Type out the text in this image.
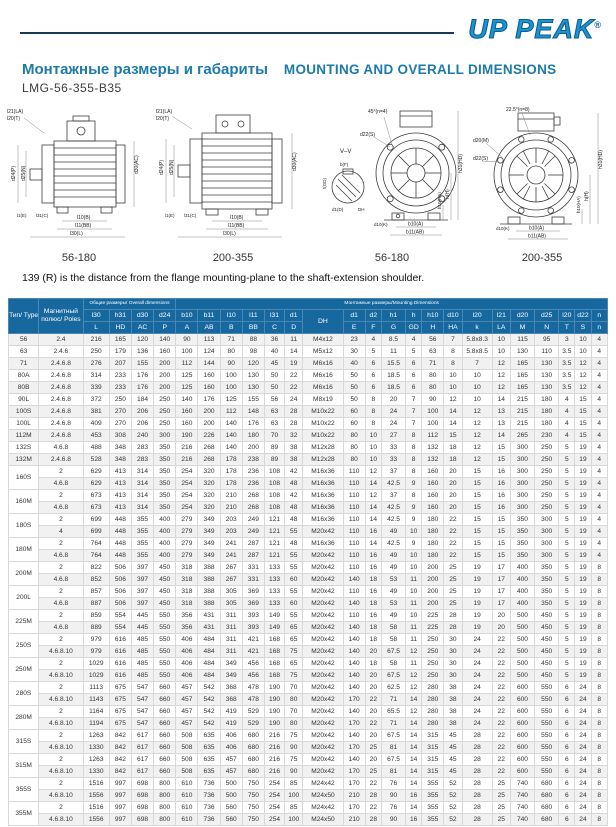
UP PEAK®
Монтажные размеры и габариты MOUNTING AND OVERALL DIMENSIONS
LMG-56-355-B35
l21(LA)
l20(T)
d24(P) d25(N)
l1(E) l31(C)	l10(B)
l11(BB)
l30(L)
d30(AC)
56-180
l21(LA)
l20(T)
d24(P) d25(N)
l1(E) l31(C)	l10(B)
l11(BB)
l30(L)
d30(AC)
200-355
V–V
b(F)
t(GD)
d1(D)	DH
45°(n=4)
d22(S)
h31(HD)
h(H)
h10(HA)
d10(K)	b10(A)
b11(AB)
56-180
22.5°(n=8)
d20(M)
d22(S)	h31(HD)
h(H)
h10(HA)
d10(K)	b10(A)
b11(AB)
200-355
139 (R) is the distance from the flange mounting-plane to the shaft-extension shoulder.
Тип/ Type	Магнитный полюс/ Poles	Общие размеры/ Overall dimensions				Монтажные размеры/Mounting Dimensions																			
		l30	h31	d30	d24	b10	b11	l10	l11	l31	d1	DH	d1	d2	h1	h	h10	d10	l20	l21	d20	d25	l20	d22	n
		L	HD	AC	P	A	AB	B	BB	C	D		E	F	G	GD	H	HA	k	LA	M	N	T	S	n
56	2.4	216	165	120	140	90	113	71	88	36	11	M4x12	23	4	8.5	4	56	7	5.8x8.3	10	115	95	3	10	4
63	2.4.6	250	179	136	160	100	124	80	98	40	14	M5x12	30	5	11	5	63	8	5.8x8.5	10	130	110	3.5	10	4
71	2.4.6.8	276	207	155	200	112	144	90	120	45	19	M6x16	40	6	15.5	6	71	8	7	12	165	130	3.5	12	4
80A	2.4.6.8	314	233	176	200	125	160	100	130	50	22	M6x16	50	6	18.5	6	80	10	10	12	165	130	3.5	12	4
80B	2.4.6.8	339	233	176	200	125	160	100	130	50	22	M6x16	50	6	18.5	6	80	10	10	12	165	130	3.5	12	4
90L	2.4.6.8	372	250	184	250	140	176	125	155	56	24	M8x19	50	8	20	7	90	12	10	14	215	180	4	15	4
100S	2.4.6.8	381	270	206	250	160	200	112	148	63	28	M10x22	60	8	24	7	100	14	12	13	215	180	4	15	4
100L	2.4.6.8	409	270	206	250	160	200	140	176	63	28	M10x22	60	8	24	7	100	14	12	13	215	180	4	15	4
112M	2.4.6.8	453	308	240	300	190	226	140	180	70	32	M10x22	80	10	27	8	112	15	12	14	265	230	4	15	4
132S	4.6.8	488	348	283	350	216	268	140	200	89	38	M12x28	80	10	33	8	132	18	12	15	300	250	5	19	4
132M	2.4.6.8	528	348	283	350	216	268	178	238	89	38	M12x28	80	10	33	8	132	18	12	15	300	250	5	19	4
160S	2	629	413	314	350	254	320	178	236	108	42	M16x36	110	12	37	8	160	20	15	16	300	250	5	19	4
	4.6.8	629	413	314	350	254	320	178	236	108	48	M16x36	110	14	42.5	9	160	20	15	16	300	250	5	19	4
160M	2	673	413	314	350	254	320	210	268	108	42	M16x36	110	12	37	8	160	20	15	16	300	250	5	19	4
	4.6.8	673	413	314	350	254	320	210	268	108	48	M16x36	110	14	42.5	9	160	20	15	16	300	250	5	19	4
180S	2	699	448	355	400	279	349	203	249	121	48	M16x36	110	14	42.5	9	180	22	15	15	350	300	5	19	4
	4	699	448	355	400	279	349	203	249	121	55	M20x42	110	16	49	10	180	22	15	15	350	300	5	19	4
180M	2	764	448	355	400	279	349	241	287	121	48	M16x36	110	14	42.5	9	180	22	15	15	350	300	5	19	4
	4.6.8	764	448	355	400	279	349	241	287	121	55	M20x42	110	16	49	10	180	22	15	15	350	300	5	19	4
200M	2	822	506	397	450	318	388	267	331	133	55	M20x42	110	16	49	10	200	25	19	17	400	350	5	19	8
	4.6.8	852	506	397	450	318	388	267	331	133	60	M20x42	140	18	53	11	200	25	19	17	400	350	5	19	8
200L	2	857	506	397	450	318	388	305	369	133	55	M20x42	110	16	49	10	200	25	19	17	400	350	5	19	8
	4.6.8	887	506	397	450	318	388	305	369	133	60	M20x42	140	18	53	11	200	25	19	17	400	350	5	19	8
225M	2	859	554	445	550	356	431	311	393	149	55	M20x42	110	16	49	10	225	28	19	20	500	450	5	19	8
	4.6.8	889	554	445	550	356	431	311	393	149	65	M20x42	140	18	58	11	225	28	19	20	500	450	5	19	8
250S	2	979	616	485	550	406	484	311	421	168	65	M20x42	140	18	58	11	250	30	24	22	500	450	5	19	8
	4.6.8.10	979	616	485	550	406	484	311	421	168	75	M20x42	140	20	67.5	12	250	30	24	22	500	450	5	19	8
250M	2	1029	616	485	550	406	484	349	456	168	65	M20x42	140	18	58	11	250	30	24	22	500	450	5	19	8
	4.6.8.10	1029	616	485	550	406	484	349	456	168	75	M20x42	140	20	67.5	12	250	30	24	22	500	450	5	19	8
280S	2	1113	675	547	660	457	542	368	478	190	70	M20x42	140	20	62.5	12	280	38	24	22	600	550	6	24	8
	4.6.8.10	1143	675	547	660	457	542	368	478	190	80	M20x42	170	22	71	14	280	38	24	22	600	550	6	24	8
280M	2	1164	675	547	660	457	542	419	529	190	70	M20x42	140	20	65.5	12	280	38	24	22	600	550	6	24	8
	4.6.8.10	1194	675	547	660	457	542	419	529	190	80	M20x42	170	22	71	14	280	38	24	22	600	550	6	24	8
315S	2	1263	842	617	660	508	635	406	680	216	75	M20x42	140	20	67.5	14	315	45	28	22	600	550	6	24	8
	4.6.8.10	1330	842	617	660	508	635	406	680	216	90	M20x42	170	25	81	14	315	45	28	22	600	550	6	24	8
315M	2	1263	842	617	660	508	635	457	680	216	75	M20x42	140	20	67.5	14	315	45	28	22	600	550	6	24	8
	4.6.8.10	1330	842	617	660	508	635	457	680	216	90	M20x42	170	25	81	14	315	45	28	22	600	550	6	24	8
355S	2	1516	997	698	800	610	736	500	750	254	85	M24x42	170	22	76	14	355	52	28	25	740	680	6	24	8
	4.6.8.10	1556	997	698	800	610	736	500	750	254	100	M24x50	210	28	90	16	355	52	28	25	740	680	6	24	8
355M	2	1516	997	698	800	610	736	560	750	254	85	M24x42	170	22	76	14	355	52	28	25	740	680	6	24	8
	4.6.8.10	1556	997	698	800	610	736	560	750	254	100	M24x50	210	28	90	16	355	52	28	25	740	680	6	24	8
